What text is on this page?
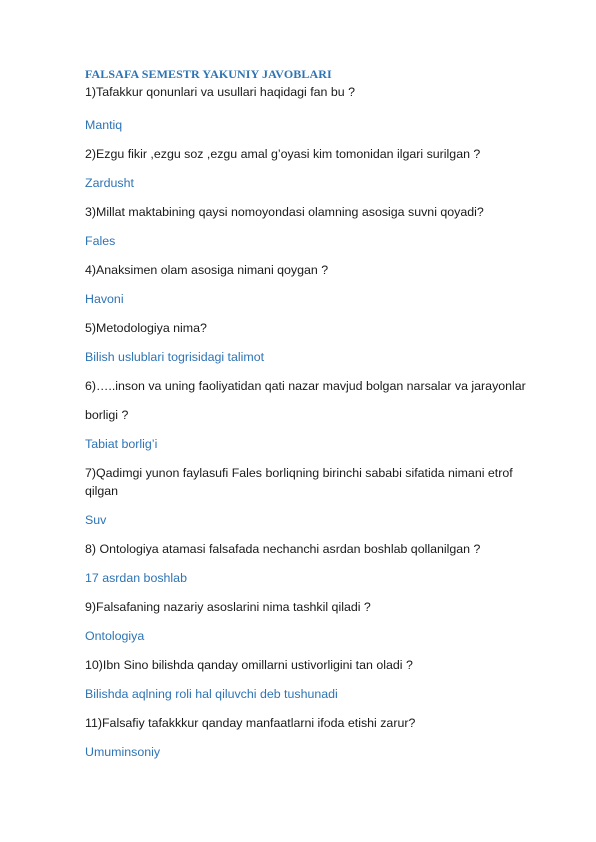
FALSAFA SEMESTR YAKUNIY JAVOBLARI

1)Tafakkur qonunlari va usullari haqidagi fan bu ?

Mantiq

2)Ezgu fikir ,ezgu soz ,ezgu amal g’oyasi kim tomonidan ilgari surilgan ?

Zardusht

3)Millat maktabining qaysi nomoyondasi olamning asosiga suvni qoyadi?

Fales

4)Anaksimen olam asosiga nimani qoygan ?

Havoni

5)Metodologiya nima?

Bilish uslublari togrisidagi talimot

6)…..inson va uning faoliyatidan qati nazar mavjud bolgan narsalar va jarayonlar

borligi ?

Tabiat borlig’i

7)Qadimgi yunon faylasufi Fales borliqning birinchi sababi sifatida nimani etrof

qilgan

Suv

8) Ontologiya atamasi falsafada nechanchi asrdan boshlab qollanilgan ?

17 asrdan boshlab

9)Falsafaning nazariy asoslarini nima tashkil qiladi ?

Ontologiya

10)Ibn Sino bilishda qanday omillarni ustivorligini tan oladi ?

Bilishda aqlning roli hal qiluvchi deb tushunadi

11)Falsafiy tafakkkur qanday manfaatlarni ifoda etishi zarur?

Umuminsoniy
